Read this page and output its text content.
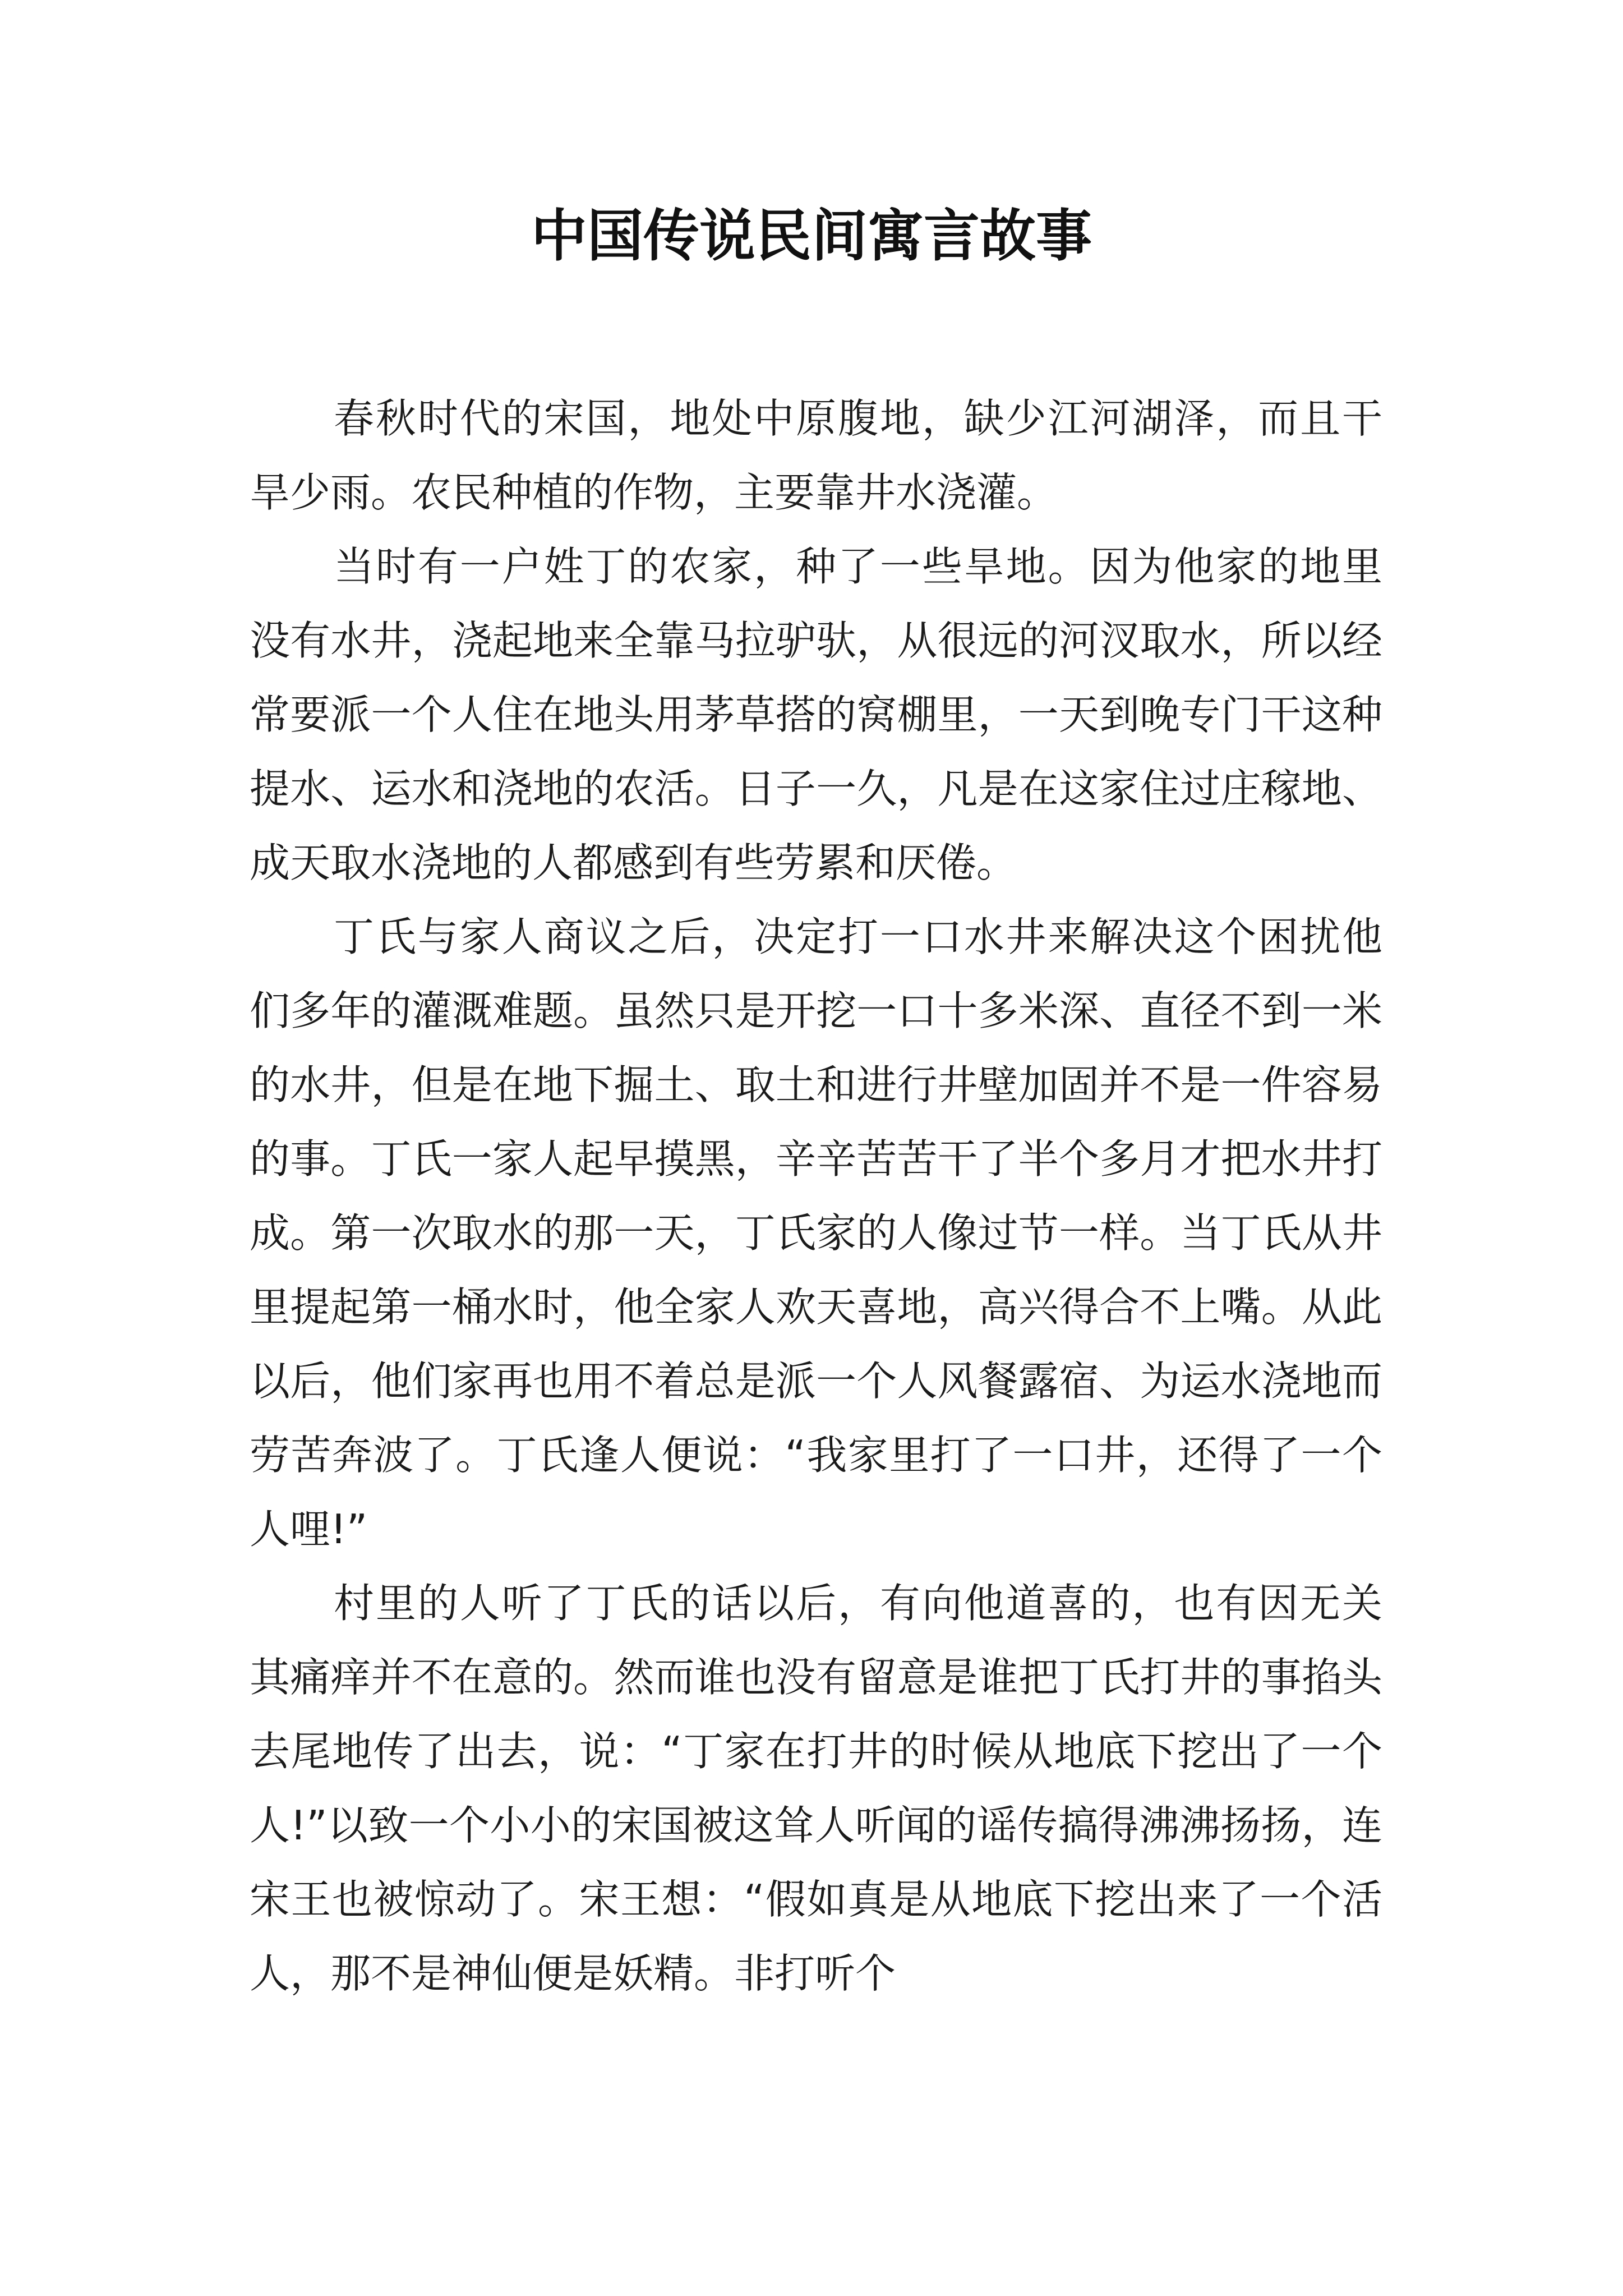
中国传说民间寓言故事

春秋时代的宋国，地处中原腹地，缺少江河湖泽，而且干旱少雨。农民种植的作物，主要靠井水浇灌。

当时有一户姓丁的农家，种了一些旱地。因为他家的地里没有水井，浇起地来全靠马拉驴驮，从很远的河汊取水，所以经常要派一个人住在地头用茅草搭的窝棚里，一天到晚专门干这种提水、运水和浇地的农活。日子一久，凡是在这家住过庄稼地、成天取水浇地的人都感到有些劳累和厌倦。

丁氏与家人商议之后，决定打一口水井来解决这个困扰他们多年的灌溉难题。虽然只是开挖一口十多米深、直径不到一米的水井，但是在地下掘土、取土和进行井壁加固并不是一件容易的事。丁氏一家人起早摸黑，辛辛苦苦干了半个多月才把水井打成。第一次取水的那一天，丁氏家的人像过节一样。当丁氏从井里提起第一桶水时，他全家人欢天喜地，高兴得合不上嘴。从此以后，他们家再也用不着总是派一个人风餐露宿、为运水浇地而劳苦奔波了。丁氏逢人便说：“我家里打了一口井，还得了一个人哩!”

村里的人听了丁氏的话以后，有向他道喜的，也有因无关其痛痒并不在意的。然而谁也没有留意是谁把丁氏打井的事掐头去尾地传了出去，说：“丁家在打井的时候从地底下挖出了一个人!”以致一个小小的宋国被这耸人听闻的谣传搞得沸沸扬扬，连宋王也被惊动了。宋王想：“假如真是从地底下挖出来了一个活人，那不是神仙便是妖精。非打听个
